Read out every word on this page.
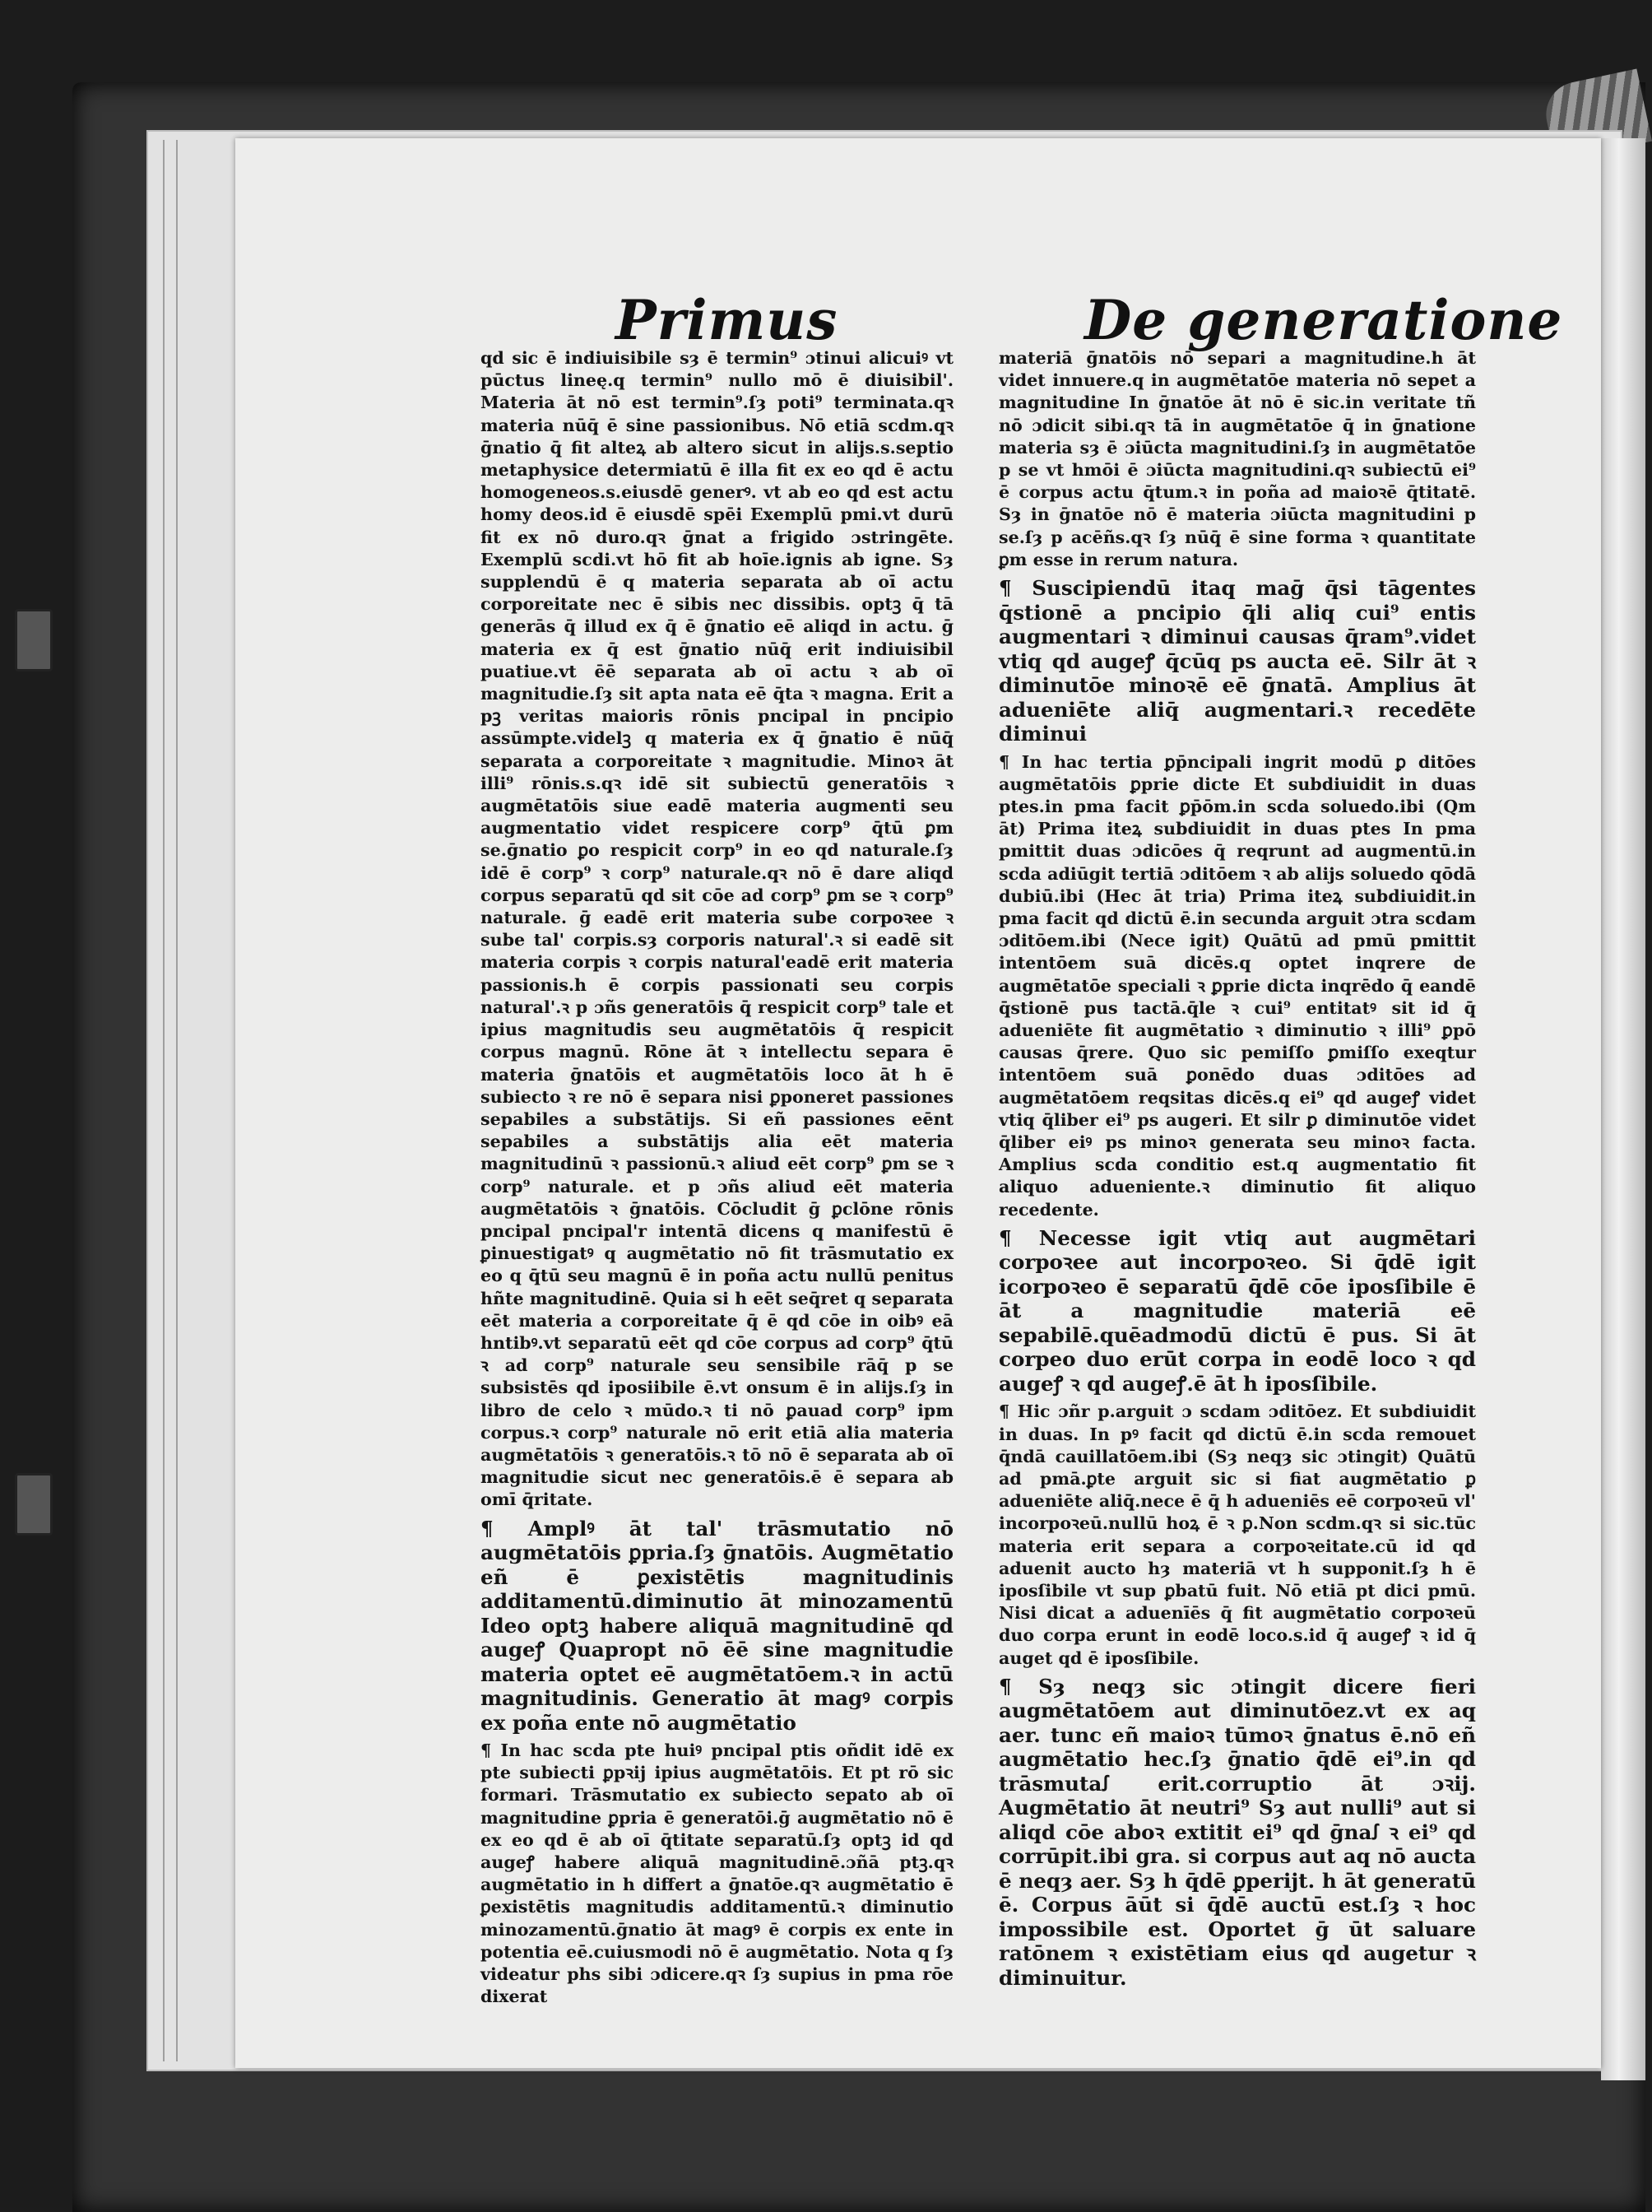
Primus	De generatione

qd sic ē indiuisibile sȝ ē termin⁹ ɔtinui alicuiꝰ vt pūctus lineę.q termin⁹ nullo mō ē diuisibil'. Materia āt nō est termin⁹.ſȝ poti⁹ terminata.qꝛ materia nūq̄ ē sine passionibus. Nō etiā scdm.qꝛ ḡnatio q̄ fit alteꝝ ab altero sicut in alijs.s.septio metaphysice determiatū ē illa fit ex eo qd ē actu homogeneos.s.eiusdē generꝰ. vt ab eo qd est actu homy deos.id ē eiusdē spēi Exemplū pmi.vt durū fit ex nō duro.qꝛ ḡnat a frigido ɔstringēte. Exemplū scdi.vt hō fit ab hoīe.ignis ab igne. Sȝ supplendū ē q materia separata ab oī actu corporeitate nec ē sibis nec dissibis. optꝫ q̄ tā generās q̄ illud ex q̄ ē ḡnatio eē aliqd in actu. ḡ materia ex q̄ est ḡnatio nūq̄ erit indiuisibil puatiue.vt ēē separata ab oī actu ꝛ ab oī magnitudie.ſȝ sit apta nata eē q̄ta ꝛ magna. Erit a pꝫ veritas maioris rōnis pncipal in pncipio assūmpte.videlꝫ q materia ex q̄ ḡnatio ē nūq̄ separata a corporeitate ꝛ magnitudie. Minoꝛ āt illi⁹ rōnis.s.qꝛ idē sit subiectū generatōis ꝛ augmētatōis siue eadē materia augmenti seu augmentatio videt respicere corp⁹ q̄tū ꝑm se.ḡnatio ꝑo respicit corp⁹ in eo qd naturale.ſȝ idē ē corp⁹ ꝛ corp⁹ naturale.qꝛ nō ē dare aliqd corpus separatū qd sit cōe ad corp⁹ ꝑm se ꝛ corp⁹ naturale. ḡ eadē erit materia sube corpoꝛee ꝛ sube tal' corpis.sȝ corporis natural'.ꝛ si eadē sit materia corpis ꝛ corpis natural'eadē erit materia passionis.h ē corpis passionati seu corpis natural'.ꝛ p ɔñs generatōis q̄ respicit corp⁹ tale et ipius magnitudis seu augmētatōis q̄ respicit corpus magnū. Rōne āt ꝛ intellectu separa ē materia ḡnatōis et augmētatōis loco āt h ē subiecto ꝛ re nō ē separa nisi ꝑponeret passiones sepabiles a substātijs. Si eñ passiones eēnt sepabiles a substātijs alia eēt materia magnitudinū ꝛ passionū.ꝛ aliud eēt corp⁹ ꝑm se ꝛ corp⁹ naturale. et p ɔñs aliud eēt materia augmētatōis ꝛ ḡnatōis. Cōcludit ḡ ꝑclōne rōnis pncipal pncipal'r intentā dicens q manifestū ē ꝑinuestigatꝰ q augmētatio nō fit trāsmutatio ex eo q q̄tū seu magnū ē in poña actu nullū penitus hñte magnitudinē. Quia si h eēt seq̄ret q separata eēt materia a corporeitate q̄ ē qd cōe in oibꝰ eā hntibꝰ.vt separatū eēt qd cōe corpus ad corp⁹ q̄tū ꝛ ad corp⁹ naturale seu sensibile rāq̄ p se subsistēs qd iposiibile ē.vt onsum ē in alijs.ſȝ in libro de celo ꝛ mūdo.ꝛ ti nō ꝑauad corp⁹ ipm corpus.ꝛ corp⁹ naturale nō erit etiā alia materia augmētatōis ꝛ generatōis.ꝛ tō nō ē separata ab oī magnitudie sicut nec generatōis.ē ē separa ab omī q̄ritate.

¶ Amplꝰ āt tal' trāsmutatio nō augmētatōis ꝑpria.ſȝ ḡnatōis. Augmētatio eñ ē ꝑexistētis magnitudinis additamentū.diminutio āt minozamentū Ideo optꝫ habere aliquā magnitudinē qd augeꝭ Quapropt nō ēē sine magnitudie materia optet eē augmētatōem.ꝛ in actū magnitudinis. Generatio āt magꝰ corpis ex poña ente nō augmētatio

¶ In hac scda pte huiꝰ pncipal ptis oñdit idē ex pte subiecti ꝑpꝛij ipius augmētatōis. Et pt rō sic formari. Trāsmutatio ex subiecto sepato ab oī magnitudine ꝑpria ē generatōi.ḡ augmētatio nō ē ex eo qd ē ab oī q̄titate separatū.ſȝ optꝫ id qd augeꝭ habere aliquā magnitudinē.ɔñā ptꝫ.qꝛ augmētatio in h differt a ḡnatōe.qꝛ augmētatio ē ꝑexistētis magnitudis additamentū.ꝛ diminutio minozamentū.ḡnatio āt magꝰ ē corpis ex ente in potentia eē.cuiusmodi nō ē augmētatio. Nota q ſȝ videatur phs sibi ɔdicere.qꝛ ſȝ supius in pma rōe dixerat

materiā ḡnatōis nō separi a magnitudine.h āt videt innuere.q in augmētatōe materia nō sepet a magnitudine In ḡnatōe āt nō ē sic.in veritate tñ nō ɔdicit sibi.qꝛ tā in augmētatōe q̄ in ḡnatione materia sȝ ē ɔiūcta magnitudini.ſȝ in augmētatōe p se vt hmōi ē ɔiūcta magnitudini.qꝛ subiectū ei⁹ ē corpus actu q̄tum.ꝛ in poña ad maioꝛē q̄titatē. Sȝ in ḡnatōe nō ē materia ɔiūcta magnitudini p se.ſȝ p acēñs.qꝛ ſȝ nūq̄ ē sine forma ꝛ quantitate ꝑm esse in rerum natura.

¶ Suscipiendū itaq maḡ q̄si tāgentes q̄stionē a pncipio q̄li aliq cui⁹ entis augmentari ꝛ diminui causas q̄ram⁹.videt vtiq qd augeꝭ q̄cūq ps aucta eē. Silr āt ꝛ diminutōe minoꝛē eē ḡnatā. Amplius āt adueniēte aliq̄ augmentari.ꝛ recedēte diminui

¶ In hac tertia ꝑp̄ncipali ingrit modū ꝑ ditōes augmētatōis ꝑprie dicte Et subdiuidit in duas ptes.in pma facit ꝑp̄ōm.in scda soluedo.ibi (Qm āt) Prima iteꝝ subdiuidit in duas ptes In pma pmittit duas ɔdicōes q̄ reqrunt ad augmentū.in scda adiūgit tertiā ɔditōem ꝛ ab alijs soluedo qōdā dubiū.ibi (Hec āt tria) Prima iteꝝ subdiuidit.in pma facit qd dictū ē.in secunda arguit ɔtra scdam ɔditōem.ibi (Nece igit) Quātū ad pmū pmittit intentōem suā dicēs.q optet inqrere de augmētatōe speciali ꝛ ꝑprie dicta inqrēdo q̄ eandē q̄stionē pus tactā.q̄le ꝛ cui⁹ entitatꝰ sit id q̄ adueniēte fit augmētatio ꝛ diminutio ꝛ illi⁹ ꝑpō causas q̄rere. Quo sic pemiſſo ꝑmiſſo exeqtur intentōem suā ꝑonēdo duas ɔditōes ad augmētatōem reqsitas dicēs.q ei⁹ qd augeꝭ videt vtiq q̄liber ei⁹ ps augeri. Et silr ꝑ diminutōe videt q̄liber eiꝰ ps minoꝛ generata seu minoꝛ facta. Amplius scda conditio est.q augmentatio fit aliquo adueniente.ꝛ diminutio fit aliquo recedente.

¶ Necesse igit vtiq aut augmētari corpoꝛee aut incorpoꝛeo. Si q̄dē igit icorpoꝛeo ē separatū q̄dē cōe iposſibile ē āt a magnitudie materiā eē sepabilē.quēadmodū dictū ē pus. Si āt corpeo duo erūt corpa in eodē loco ꝛ qd augeꝭ ꝛ qd augeꝭ.ē āt h iposſibile.

¶ Hic ɔñr p.arguit ɔ scdam ɔditōez. Et subdiuidit in duas. In pꝰ facit qd dictū ē.in scda remouet q̄ndā cauillatōem.ibi (Sȝ neqȝ sic ɔtingit) Quātū ad pmā.ꝑte arguit sic si fiat augmētatio ꝑ adueniēte aliq̄.nece ē q̄ h adueniēs eē corpoꝛeū vl' incorpoꝛeū.nullū hoꝝ ē ꝛ ꝑ.Non scdm.qꝛ si sic.tūc materia erit separa a corpoꝛeitate.cū id qd aduenit aucto hȝ materiā vt h supponit.ſȝ h ē iposſibile vt sup ꝑbatū fuit. Nō etiā pt dici pmū. Nisi dicat a aduenīēs q̄ fit augmētatio corpoꝛeū duo corpa erunt in eodē loco.s.id q̄ augeꝭ ꝛ id q̄ auget qd ē iposſibile.

¶ Sȝ neqȝ sic ɔtingit dicere fieri augmētatōem aut diminutōez.vt ex aq aer. tunc eñ maioꝛ tūmoꝛ ḡnatus ē.nō eñ augmētatio hec.ſȝ ḡnatio q̄dē ei⁹.in qd trāsmutaꭍ erit.corruptio āt ɔꝛij. Augmētatio āt neutri⁹ Sȝ aut nulli⁹ aut si aliqd cōe aboꝛ extitit ei⁹ qd ḡnaꭍ ꝛ ei⁹ qd corrūpit.ibi gra. si corpus aut aq nō aucta ē neqȝ aer. Sȝ h q̄dē ꝑperijt. h āt generatū ē. Corpus āūt si q̄dē auctū est.ſȝ ꝛ hoc impossibile est. Oportet ḡ ūt saluare ratōnem ꝛ existētiam eius qd augetur ꝛ diminuitur.
